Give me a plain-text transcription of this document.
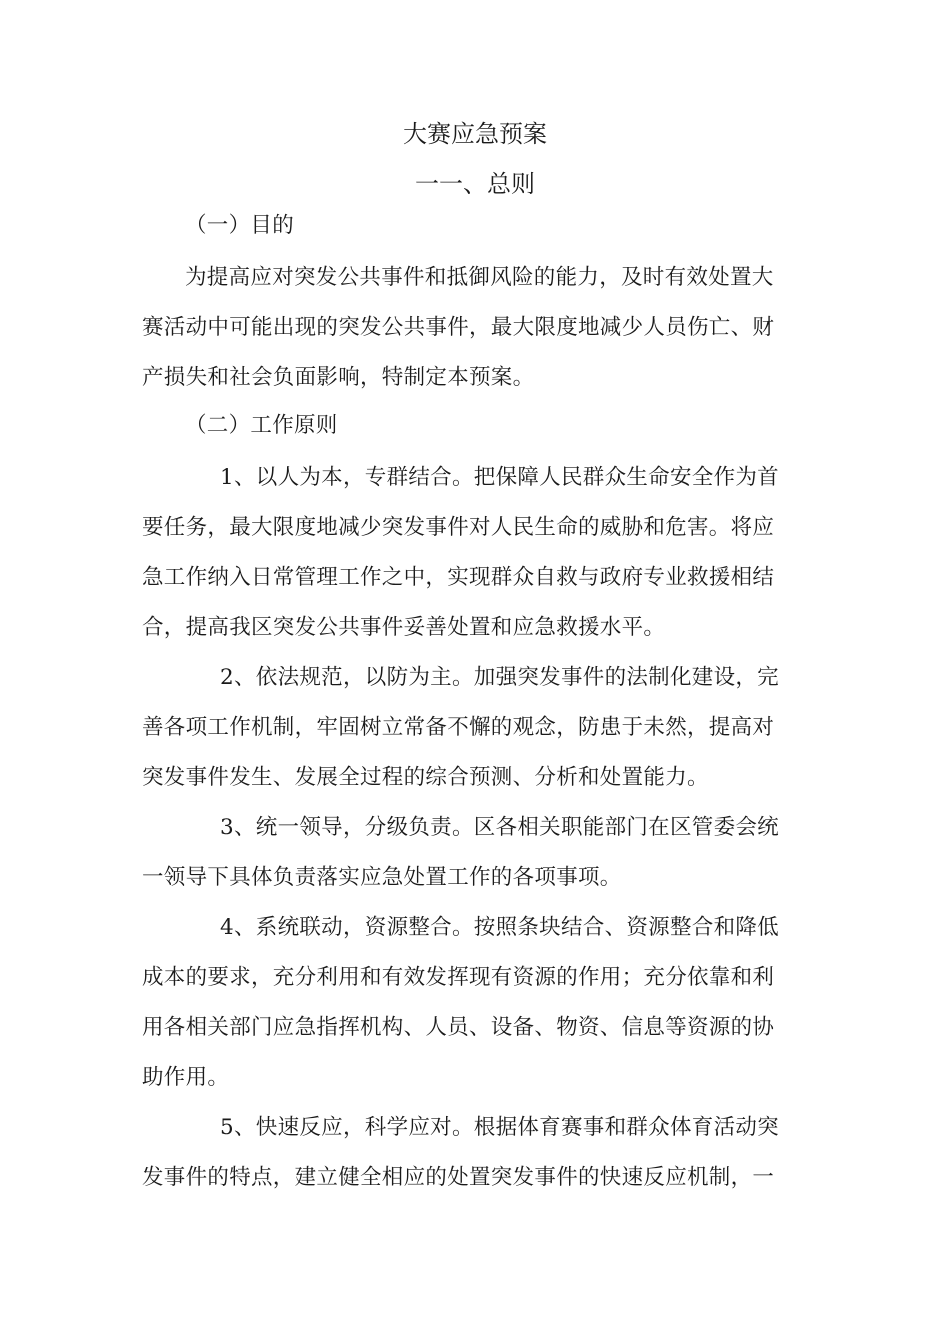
大赛应急预案
一一、总则
（一）目的
为提高应对突发公共事件和抵御风险的能力，及时有效处置大
赛活动中可能出现的突发公共事件，最大限度地减少人员伤亡、财
产损失和社会负面影响，特制定本预案。
（二）工作原则
1、以人为本，专群结合。把保障人民群众生命安全作为首
要任务，最大限度地减少突发事件对人民生命的威胁和危害。将应
急工作纳入日常管理工作之中，实现群众自救与政府专业救援相结
合，提高我区突发公共事件妥善处置和应急救援水平。
2、依法规范，以防为主。加强突发事件的法制化建设，完
善各项工作机制，牢固树立常备不懈的观念，防患于未然，提高对
突发事件发生、发展全过程的综合预测、分析和处置能力。
3、统一领导，分级负责。区各相关职能部门在区管委会统
一领导下具体负责落实应急处置工作的各项事项。
4、系统联动，资源整合。按照条块结合、资源整合和降低
成本的要求，充分利用和有效发挥现有资源的作用；充分依靠和利
用各相关部门应急指挥机构、人员、设备、物资、信息等资源的协
助作用。
5、快速反应，科学应对。根据体育赛事和群众体育活动突
发事件的特点，建立健全相应的处置突发事件的快速反应机制，一
